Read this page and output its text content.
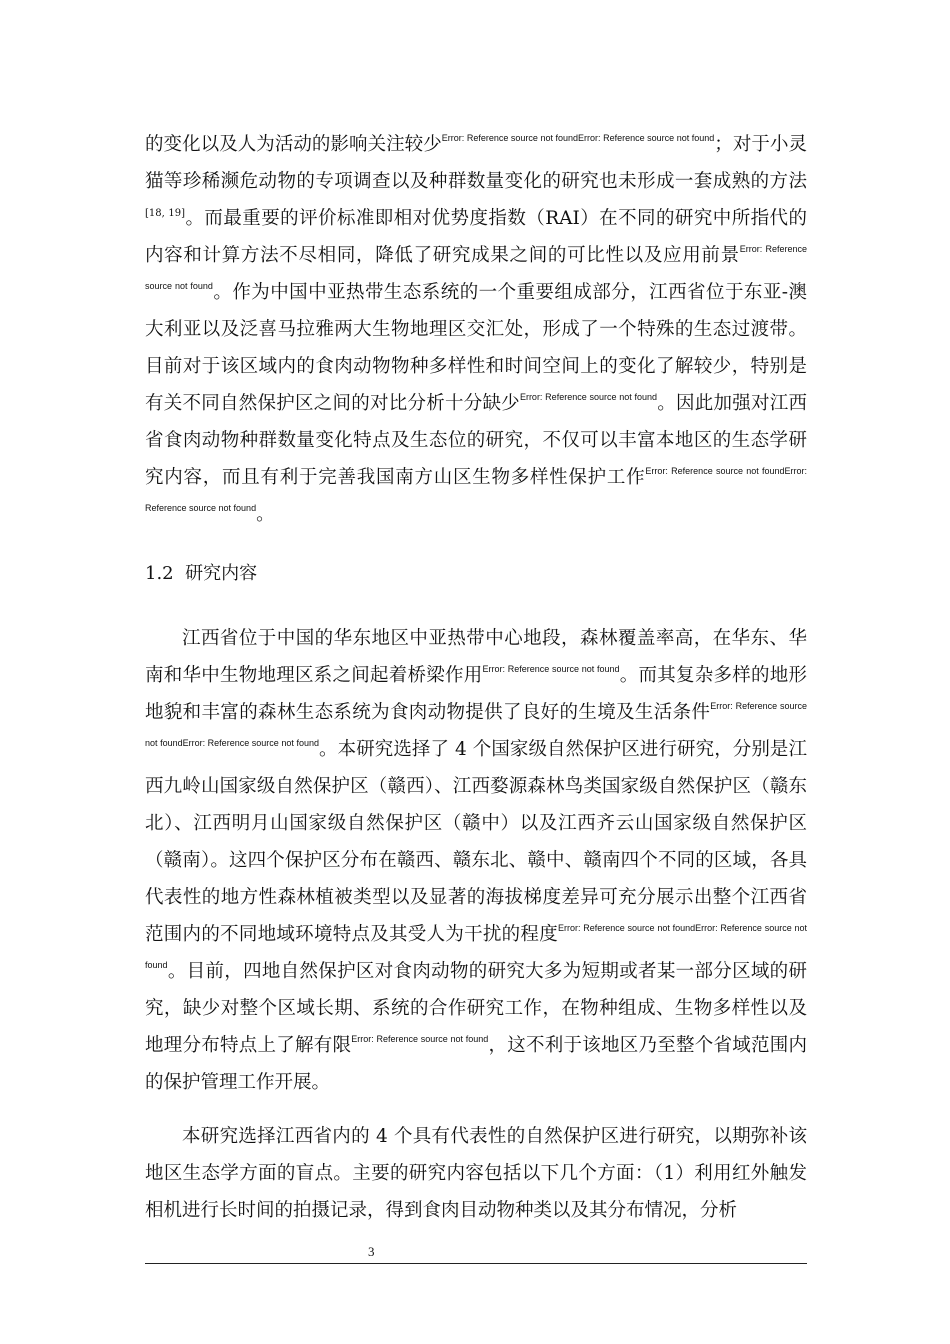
的变化以及人为活动的影响关注较少$^{Error: Reference source not foundError: Reference source not found}$；对于小灵猫等珍稀濒危动物的专项调查以及种群数量变化的研究也未形成一套成熟的方法[18, 19]。而最重要的评价标准即相对优势度指数（RAI）在不同的研究中所指代的内容和计算方法不尽相同，降低了研究成果之间的可比性以及应用前景$^{Error: Reference source not found}$。作为中国中亚热带生态系统的一个重要组成部分，江西省位于东亚-澳大利亚以及泛喜马拉雅两大生物地理区交汇处，形成了一个特殊的生态过渡带。目前对于该区域内的食肉动物物种多样性和时间空间上的变化了解较少，特别是有关不同自然保护区之间的对比分析十分缺少$^{Error: Reference source not found}$。因此加强对江西省食肉动物种群数量变化特点及生态位的研究，不仅可以丰富本地区的生态学研究内容，而且有利于完善我国南方山区生物多样性保护工作$^{Error: Reference source not foundError: Reference source not found}$。
1.2 研究内容
江西省位于中国的华东地区中亚热带中心地段，森林覆盖率高，在华东、华南和华中生物地理区系之间起着桥梁作用$^{Error: Reference source not found}$。而其复杂多样的地形地貌和丰富的森林生态系统为食肉动物提供了良好的生境及生活条件$^{Error: Reference source not foundError: Reference source not found}$。本研究选择了 4 个国家级自然保护区进行研究，分别是江西九岭山国家级自然保护区（赣西）、江西婺源森林鸟类国家级自然保护区（赣东北）、江西明月山国家级自然保护区（赣中）以及江西齐云山国家级自然保护区（赣南）。这四个保护区分布在赣西、赣东北、赣中、赣南四个不同的区域，各具代表性的地方性森林植被类型以及显著的海拔梯度差异可充分展示出整个江西省范围内的不同地域环境特点及其受人为干扰的程度$^{Error: Reference source not foundError: Reference source not found}$。目前，四地自然保护区对食肉动物的研究大多为短期或者某一部分区域的研究，缺少对整个区域长期、系统的合作研究工作，在物种组成、生物多样性以及地理分布特点上了解有限$^{Error: Reference source not found}$，这不利于该地区乃至整个省域范围内的保护管理工作开展。
本研究选择江西省内的 4 个具有代表性的自然保护区进行研究，以期弥补该地区生态学方面的盲点。主要的研究内容包括以下几个方面：（1）利用红外触发相机进行长时间的拍摄记录，得到食肉目动物种类以及其分布情况，分析
3
